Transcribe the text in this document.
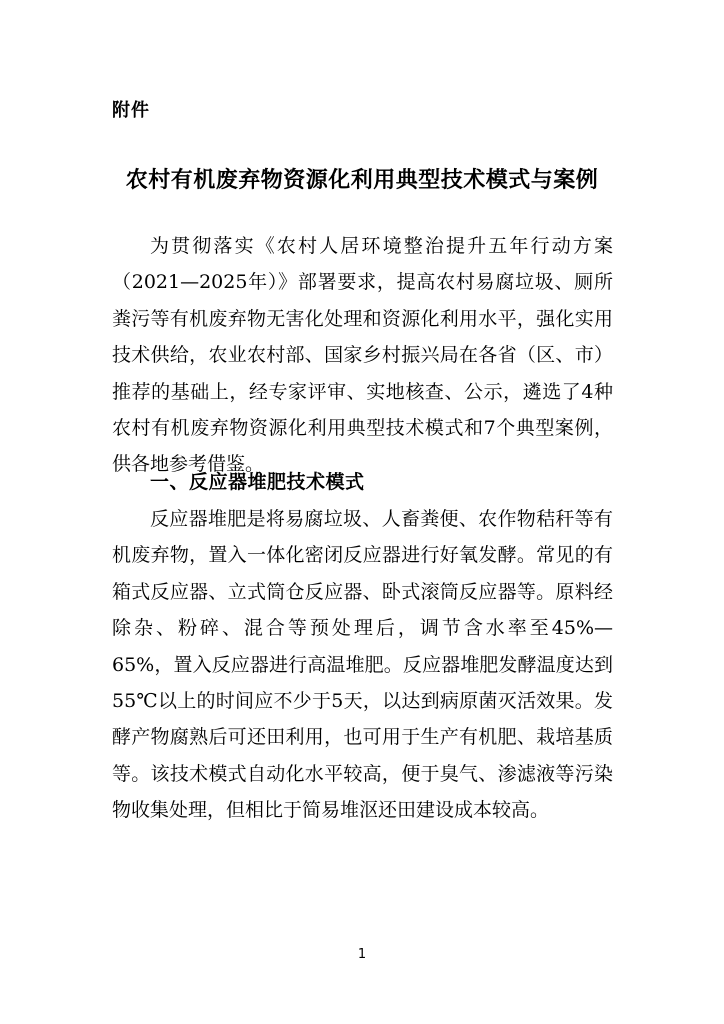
附件
农村有机废弃物资源化利用典型技术模式与案例

为贯彻落实《农村人居环境整治提升五年行动方案（2021—2025年）》部署要求，提高农村易腐垃圾、厕所粪污等有机废弃物无害化处理和资源化利用水平，强化实用技术供给，农业农村部、国家乡村振兴局在各省（区、市）推荐的基础上，经专家评审、实地核查、公示，遴选了4种农村有机废弃物资源化利用典型技术模式和7个典型案例，供各地参考借鉴。

一、反应器堆肥技术模式

反应器堆肥是将易腐垃圾、人畜粪便、农作物秸秆等有机废弃物，置入一体化密闭反应器进行好氧发酵。常见的有箱式反应器、立式筒仓反应器、卧式滚筒反应器等。原料经除杂、粉碎、混合等预处理后，调节含水率至45%—65%，置入反应器进行高温堆肥。反应器堆肥发酵温度达到55℃以上的时间应不少于5天，以达到病原菌灭活效果。发酵产物腐熟后可还田利用，也可用于生产有机肥、栽培基质等。该技术模式自动化水平较高，便于臭气、渗滤液等污染物收集处理，但相比于简易堆沤还田建设成本较高。

1
